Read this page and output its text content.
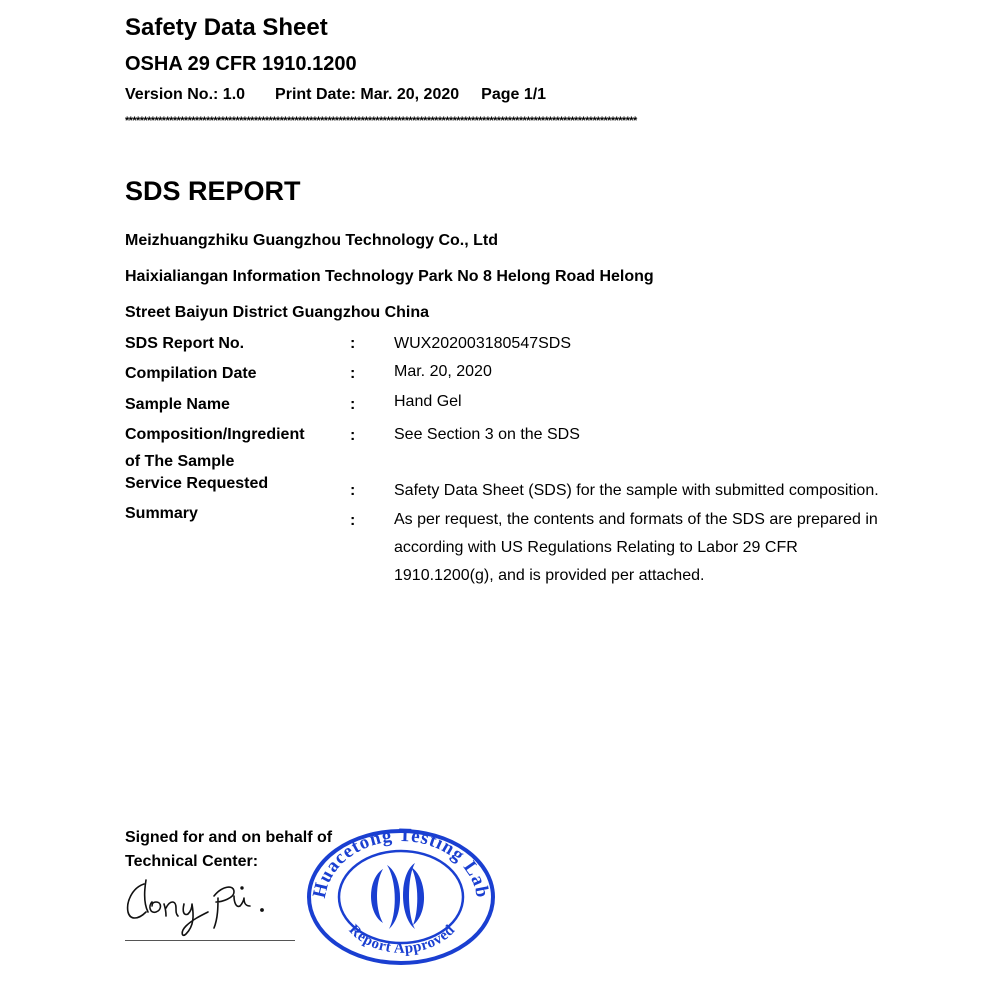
Safety Data Sheet
OSHA 29 CFR 1910.1200
Version No.: 1.0 Print Date: Mar. 20, 2020 Page 1/1
*******************************************************************************************************************************************
SDS REPORT
Meizhuangzhiku Guangzhou Technology Co., Ltd
Haixialiangan Information Technology Park No 8 Helong Road Helong
Street Baiyun District Guangzhou China
SDS Report No.	: WUX202003180547SDS
Compilation Date	: Mar. 20, 2020
Sample Name	: Hand Gel
Composition/Ingredient
of The Sample
: See Section 3 on the SDS
Service Requested	: Safety Data Sheet (SDS) for the sample with submitted composition.
Summary	: As per request, the contents and formats of the SDS are prepared in
according with US Regulations Relating to Labor 29 CFR
1910.1200(g), and is provided per attached.
Signed for and on behalf of
Technical Center:
Huacetong Testing Lab
Report Approved
